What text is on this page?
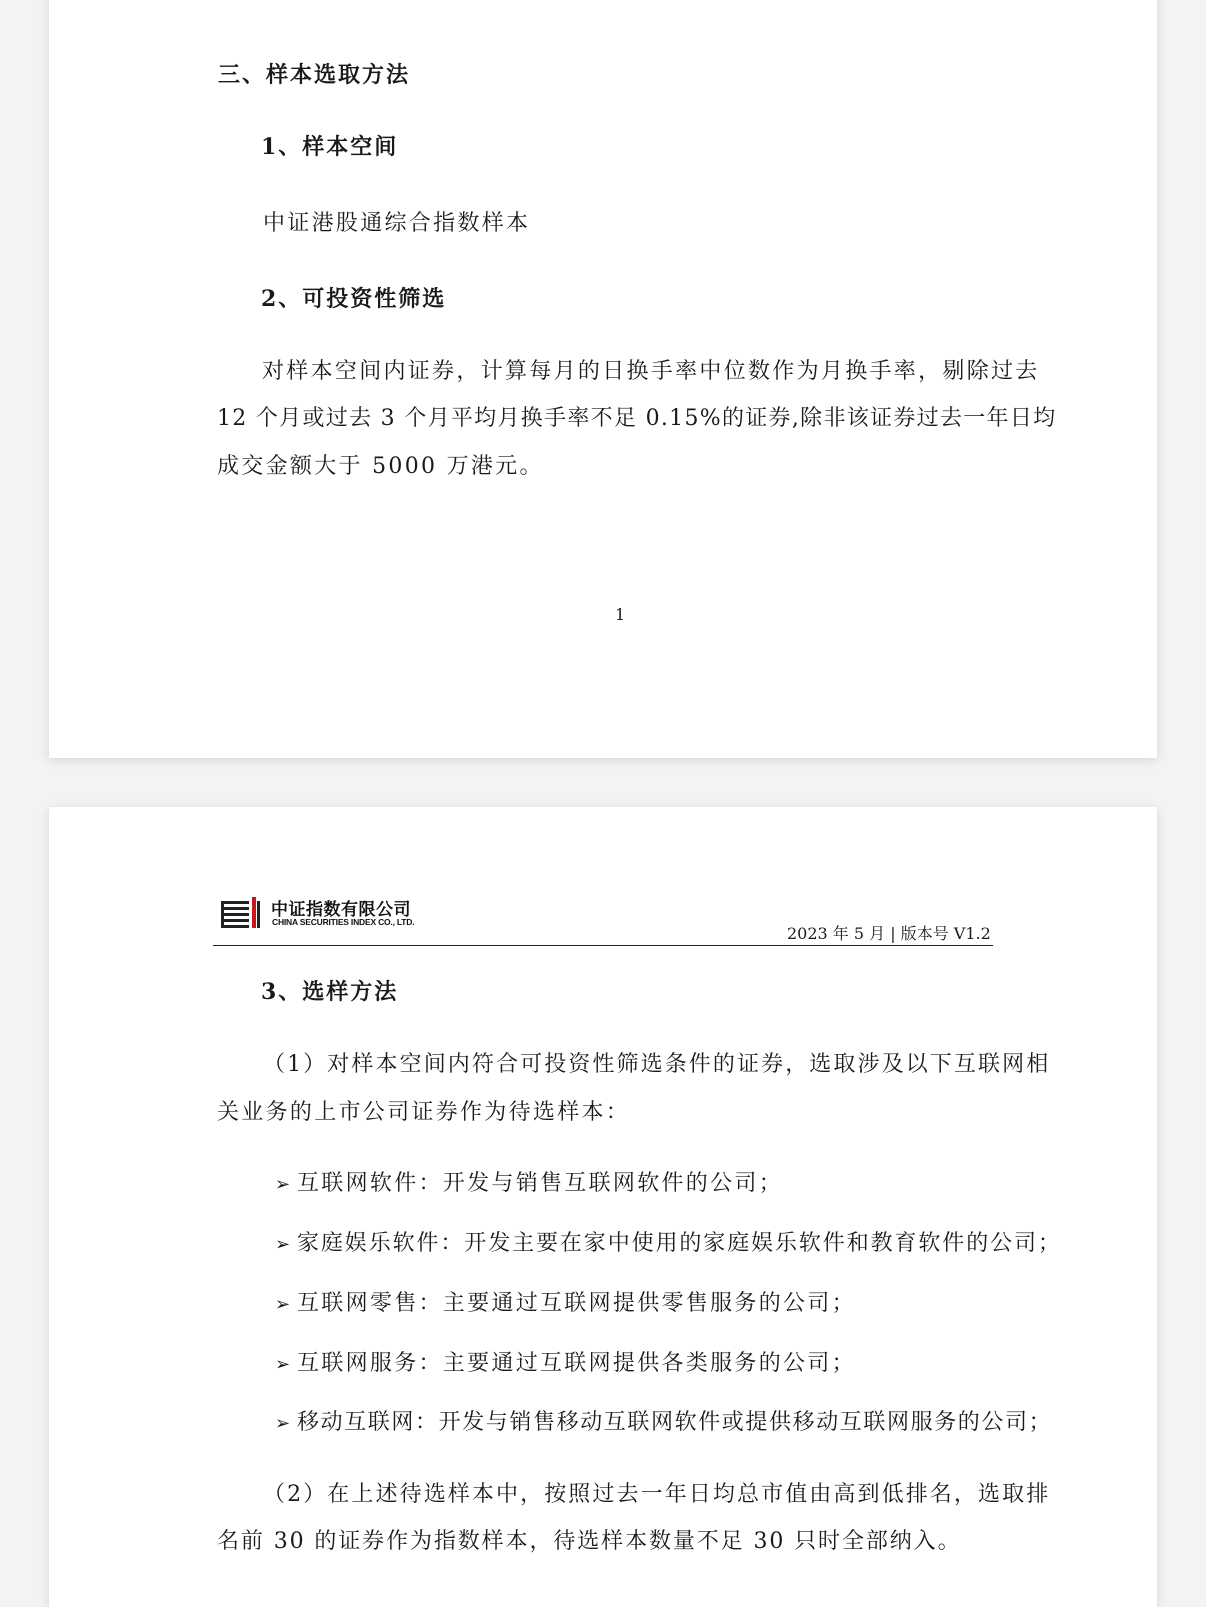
三、样本选取方法
1、样本空间
中证港股通综合指数样本
2、可投资性筛选
对样本空间内证券，计算每月的日换手率中位数作为月换手率，剔除过去
12 个月或过去 3 个月平均月换手率不足 0.15%的证券,除非该证券过去一年日均
成交金额大于 5000 万港元。
1
中证指数有限公司
CHINA SECURITIES INDEX CO., LTD.
2023 年 5 月 | 版本号 V1.2
3、选样方法
（1）对样本空间内符合可投资性筛选条件的证券，选取涉及以下互联网相
关业务的上市公司证券作为待选样本：
➢ 互联网软件：开发与销售互联网软件的公司；
➢ 家庭娱乐软件：开发主要在家中使用的家庭娱乐软件和教育软件的公司；
➢ 互联网零售：主要通过互联网提供零售服务的公司；
➢ 互联网服务：主要通过互联网提供各类服务的公司；
➢ 移动互联网：开发与销售移动互联网软件或提供移动互联网服务的公司；
（2）在上述待选样本中，按照过去一年日均总市值由高到低排名，选取排
名前 30 的证券作为指数样本，待选样本数量不足 30 只时全部纳入。
